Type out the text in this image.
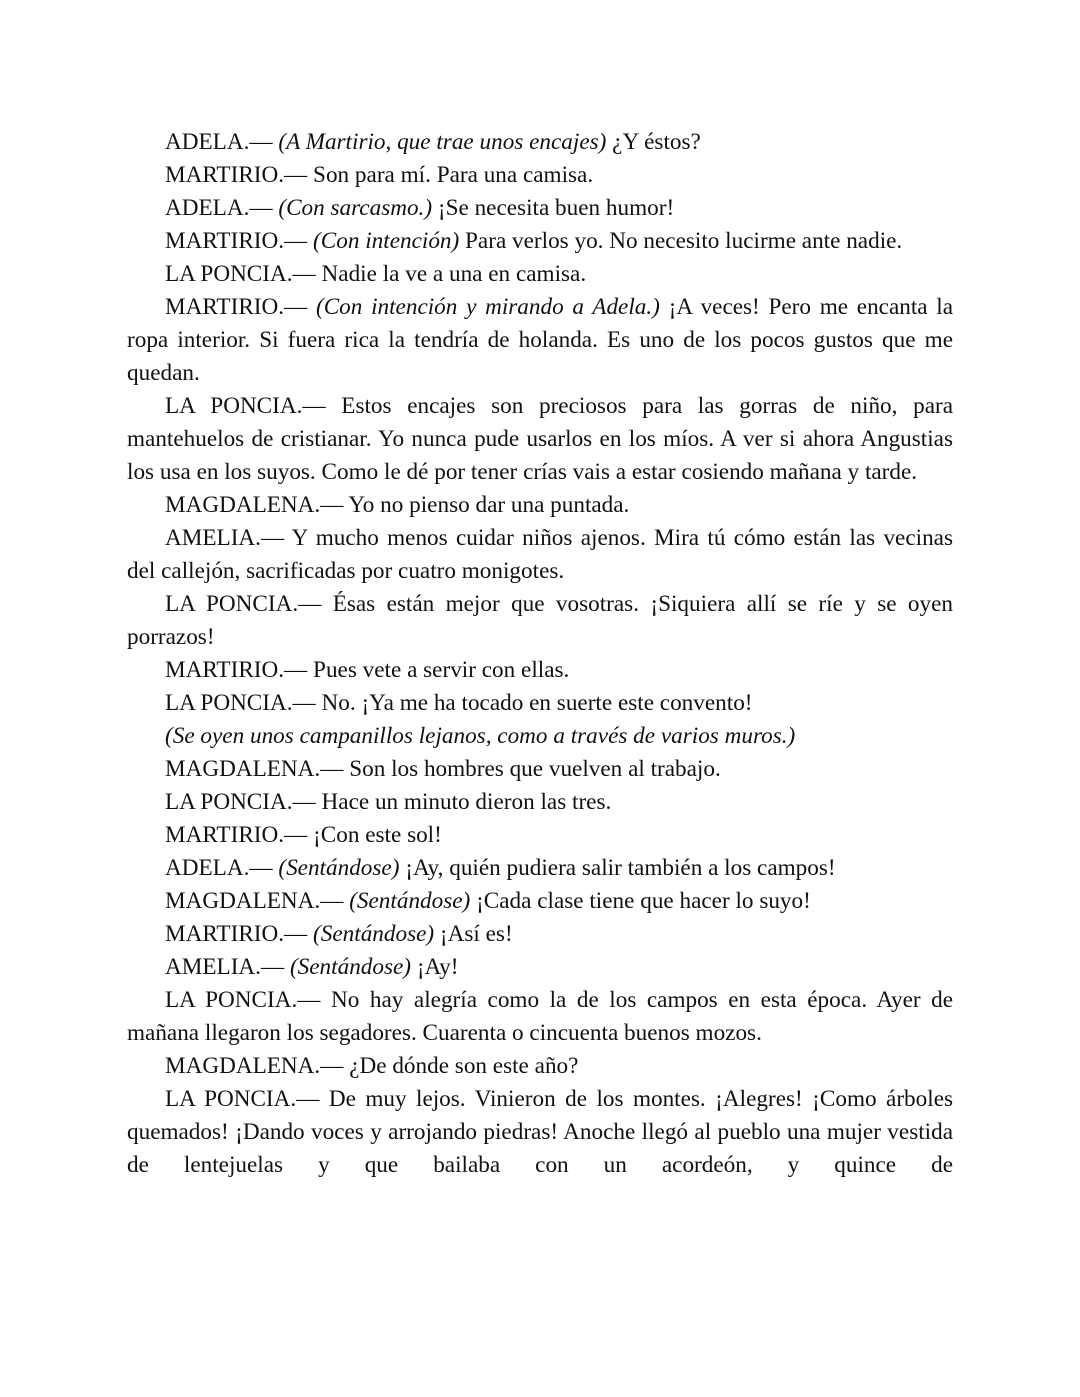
ADELA.— (A Martirio, que trae unos encajes) ¿Y éstos?

MARTIRIO.— Son para mí. Para una camisa.

ADELA.— (Con sarcasmo.) ¡Se necesita buen humor!

MARTIRIO.— (Con intención) Para verlos yo. No necesito lucirme ante nadie.

LA PONCIA.— Nadie la ve a una en camisa.

MARTIRIO.— (Con intención y mirando a Adela.) ¡A veces! Pero me encanta la ropa interior. Si fuera rica la tendría de holanda. Es uno de los pocos gustos que me quedan.

LA PONCIA.— Estos encajes son preciosos para las gorras de niño, para mantehuelos de cristianar. Yo nunca pude usarlos en los míos. A ver si ahora Angustias los usa en los suyos. Como le dé por tener crías vais a estar cosiendo mañana y tarde.

MAGDALENA.— Yo no pienso dar una puntada.

AMELIA.— Y mucho menos cuidar niños ajenos. Mira tú cómo están las vecinas del callejón, sacrificadas por cuatro monigotes.

LA PONCIA.— Ésas están mejor que vosotras. ¡Siquiera allí se ríe y se oyen porrazos!

MARTIRIO.— Pues vete a servir con ellas.

LA PONCIA.— No. ¡Ya me ha tocado en suerte este convento!

(Se oyen unos campanillos lejanos, como a través de varios muros.)

MAGDALENA.— Son los hombres que vuelven al trabajo.

LA PONCIA.— Hace un minuto dieron las tres.

MARTIRIO.— ¡Con este sol!

ADELA.— (Sentándose) ¡Ay, quién pudiera salir también a los campos!

MAGDALENA.— (Sentándose) ¡Cada clase tiene que hacer lo suyo!

MARTIRIO.— (Sentándose) ¡Así es!

AMELIA.— (Sentándose) ¡Ay!

LA PONCIA.— No hay alegría como la de los campos en esta época. Ayer de mañana llegaron los segadores. Cuarenta o cincuenta buenos mozos.

MAGDALENA.— ¿De dónde son este año?

LA PONCIA.— De muy lejos. Vinieron de los montes. ¡Alegres! ¡Como árboles quemados! ¡Dando voces y arrojando piedras! Anoche llegó al pueblo una mujer vestida de lentejuelas y que bailaba con un acordeón, y quince de
